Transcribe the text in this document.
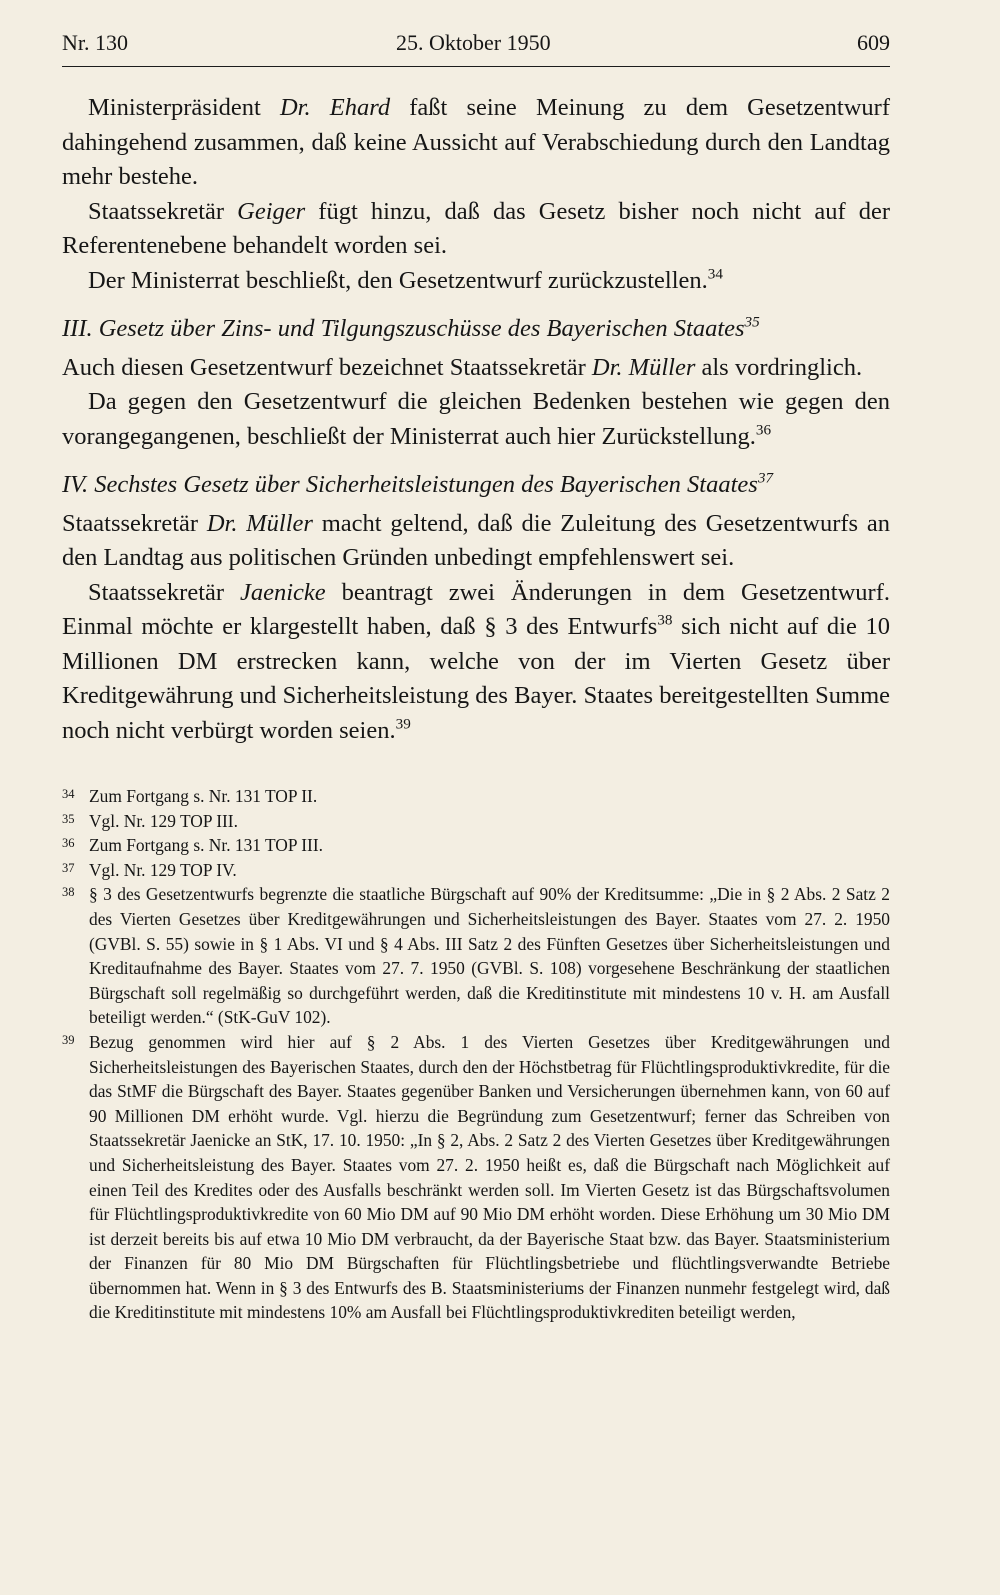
Nr. 130	25. Oktober 1950	609

Ministerpräsident Dr. Ehard faßt seine Meinung zu dem Gesetzentwurf dahingehend zusammen, daß keine Aussicht auf Verabschiedung durch den Landtag mehr bestehe.

Staatssekretär Geiger fügt hinzu, daß das Gesetz bisher noch nicht auf der Referentenebene behandelt worden sei.

Der Ministerrat beschließt, den Gesetzentwurf zurückzustellen.$^{34}$

III. Gesetz über Zins- und Tilgungszuschüsse des Bayerischen Staates$^{35}$

Auch diesen Gesetzentwurf bezeichnet Staatssekretär Dr. Müller als vordringlich.

Da gegen den Gesetzentwurf die gleichen Bedenken bestehen wie gegen den vorangegangenen, beschließt der Ministerrat auch hier Zurückstellung.$^{36}$

IV. Sechstes Gesetz über Sicherheitsleistungen des Bayerischen Staates$^{37}$

Staatssekretär Dr. Müller macht geltend, daß die Zuleitung des Gesetzentwurfs an den Landtag aus politischen Gründen unbedingt empfehlenswert sei.

Staatssekretär Jaenicke beantragt zwei Änderungen in dem Gesetzentwurf. Einmal möchte er klargestellt haben, daß § 3 des Entwurfs$^{38}$ sich nicht auf die 10 Millionen DM erstrecken kann, welche von der im Vierten Gesetz über Kreditgewährung und Sicherheitsleistung des Bayer. Staates bereitgestellten Summe noch nicht verbürgt worden seien.$^{39}$

34 Zum Fortgang s. Nr. 131 TOP II.
35 Vgl. Nr. 129 TOP III.
36 Zum Fortgang s. Nr. 131 TOP III.
37 Vgl. Nr. 129 TOP IV.
38 § 3 des Gesetzentwurfs begrenzte die staatliche Bürgschaft auf 90% der Kreditsumme: „Die in § 2 Abs. 2 Satz 2 des Vierten Gesetzes über Kreditgewährungen und Sicherheitsleistungen des Bayer. Staates vom 27. 2. 1950 (GVBl. S. 55) sowie in § 1 Abs. VI und § 4 Abs. III Satz 2 des Fünften Gesetzes über Sicherheitsleistungen und Kreditaufnahme des Bayer. Staates vom 27. 7. 1950 (GVBl. S. 108) vorgesehene Beschränkung der staatlichen Bürgschaft soll regelmäßig so durchgeführt werden, daß die Kreditinstitute mit mindestens 10 v. H. am Ausfall beteiligt werden.“ (StK-GuV 102).
39 Bezug genommen wird hier auf § 2 Abs. 1 des Vierten Gesetzes über Kreditgewährungen und Sicherheitsleistungen des Bayerischen Staates, durch den der Höchstbetrag für Flüchtlingsproduktivkredite, für die das StMF die Bürgschaft des Bayer. Staates gegenüber Banken und Versicherungen übernehmen kann, von 60 auf 90 Millionen DM erhöht wurde. Vgl. hierzu die Begründung zum Gesetzentwurf; ferner das Schreiben von Staatssekretär Jaenicke an StK, 17. 10. 1950: „In § 2, Abs. 2 Satz 2 des Vierten Gesetzes über Kreditgewährungen und Sicherheitsleistung des Bayer. Staates vom 27. 2. 1950 heißt es, daß die Bürgschaft nach Möglichkeit auf einen Teil des Kredites oder des Ausfalls beschränkt werden soll. Im Vierten Gesetz ist das Bürgschaftsvolumen für Flüchtlingsproduktivkredite von 60 Mio DM auf 90 Mio DM erhöht worden. Diese Erhöhung um 30 Mio DM ist derzeit bereits bis auf etwa 10 Mio DM verbraucht, da der Bayerische Staat bzw. das Bayer. Staatsministerium der Finanzen für 80 Mio DM Bürgschaften für Flüchtlingsbetriebe und flüchtlingsverwandte Betriebe übernommen hat. Wenn in § 3 des Entwurfs des B. Staatsministeriums der Finanzen nunmehr festgelegt wird, daß die Kreditinstitute mit mindestens 10% am Ausfall bei Flüchtlingsproduktivkrediten beteiligt werden,
